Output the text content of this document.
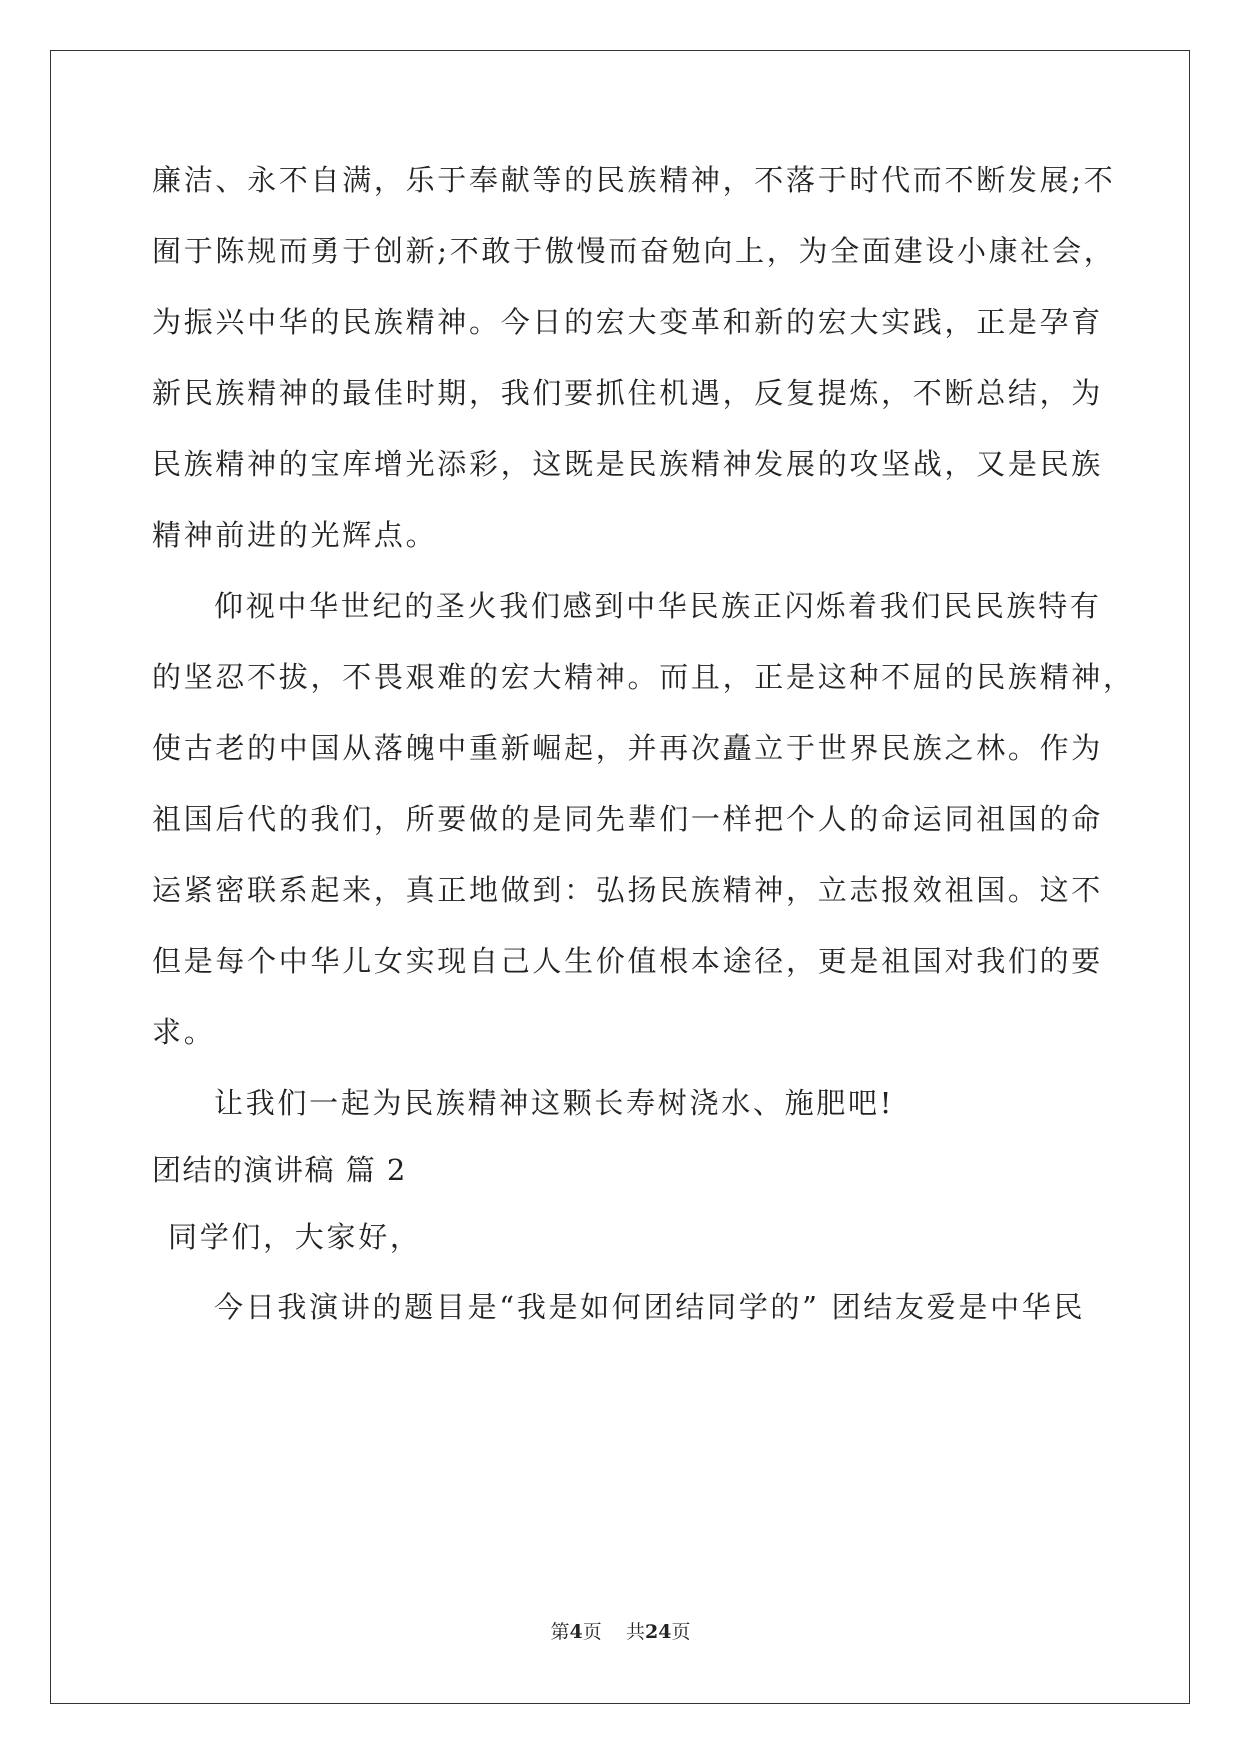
廉洁、永不自满，乐于奉献等的民族精神，不落于时代而不断发展;不
囿于陈规而勇于创新;不敢于傲慢而奋勉向上，为全面建设小康社会，
为振兴中华的民族精神。今日的宏大变革和新的宏大实践，正是孕育
新民族精神的最佳时期，我们要抓住机遇，反复提炼，不断总结，为
民族精神的宝库增光添彩，这既是民族精神发展的攻坚战，又是民族
精神前进的光辉点。
仰视中华世纪的圣火我们感到中华民族正闪烁着我们民民族特有
的坚忍不拔，不畏艰难的宏大精神。而且，正是这种不屈的民族精神，
使古老的中国从落魄中重新崛起，并再次矗立于世界民族之林。作为
祖国后代的我们，所要做的是同先辈们一样把个人的命运同祖国的命
运紧密联系起来，真正地做到：弘扬民族精神，立志报效祖国。这不
但是每个中华儿女实现自己人生价值根本途径，更是祖国对我们的要
求。
让我们一起为民族精神这颗长寿树浇水、施肥吧!
团结的演讲稿 篇 2
同学们，大家好，
今日我演讲的题目是“我是如何团结同学的” 团结友爱是中华民
第4页 共24页
